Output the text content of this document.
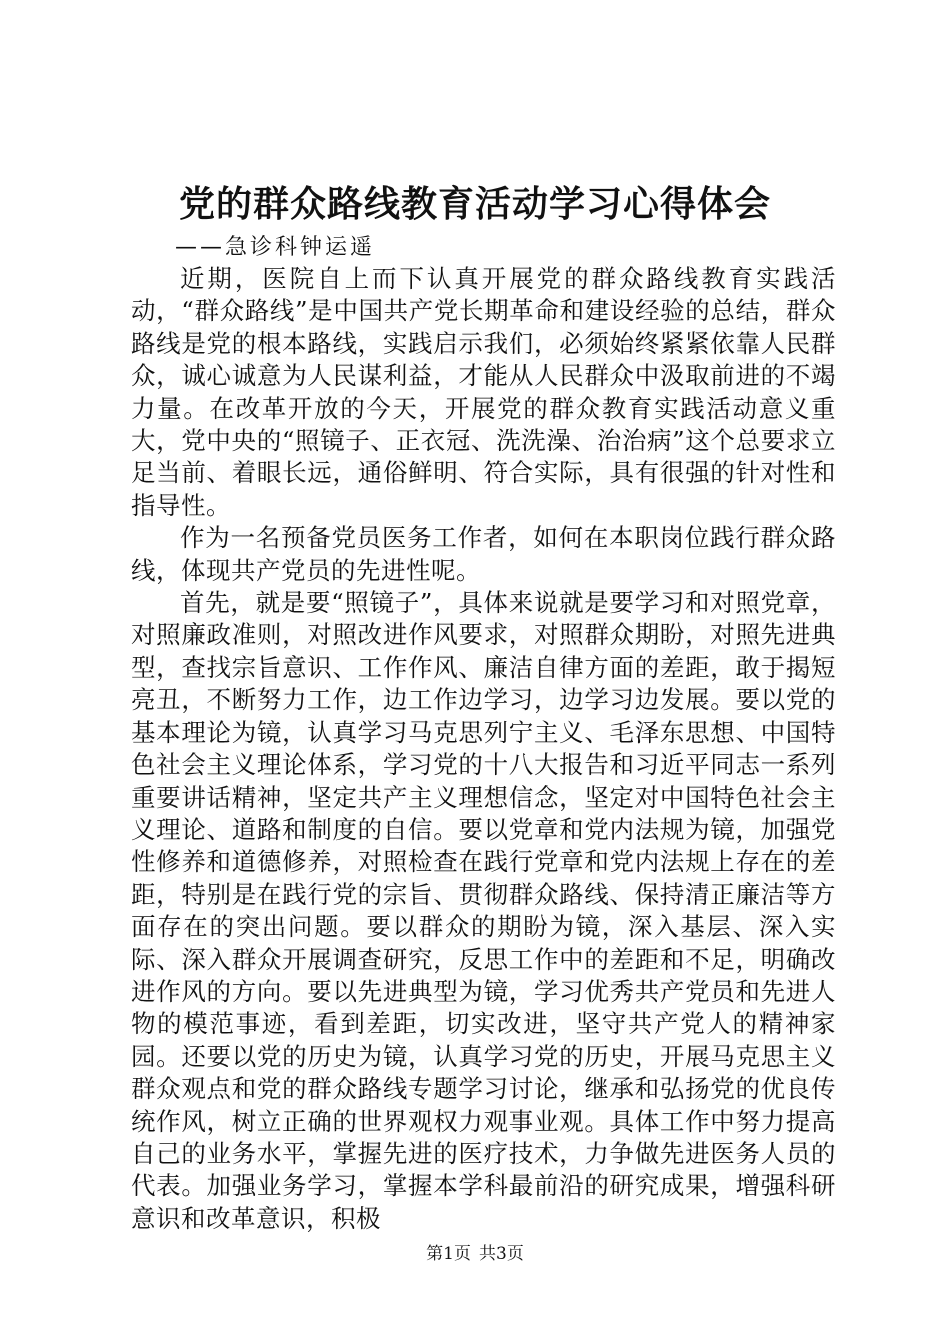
党的群众路线教育活动学习心得体会
——急诊科钟运遥

近期，医院自上而下认真开展党的群众路线教育实践活动，“群众路线”是中国共产党长期革命和建设经验的总结，群众路线是党的根本路线，实践启示我们，必须始终紧紧依靠人民群众，诚心诚意为人民谋利益，才能从人民群众中汲取前进的不竭力量。在改革开放的今天，开展党的群众教育实践活动意义重大，党中央的“照镜子、正衣冠、洗洗澡、治治病”这个总要求立足当前、着眼长远，通俗鲜明、符合实际，具有很强的针对性和指导性。

作为一名预备党员医务工作者，如何在本职岗位践行群众路线，体现共产党员的先进性呢。

首先，就是要“照镜子”，具体来说就是要学习和对照党章，对照廉政准则，对照改进作风要求，对照群众期盼，对照先进典型，查找宗旨意识、工作作风、廉洁自律方面的差距，敢于揭短亮丑，不断努力工作，边工作边学习，边学习边发展。要以党的基本理论为镜，认真学习马克思列宁主义、毛泽东思想、中国特色社会主义理论体系，学习党的十八大报告和习近平同志一系列重要讲话精神，坚定共产主义理想信念，坚定对中国特色社会主义理论、道路和制度的自信。要以党章和党内法规为镜，加强党性修养和道德修养，对照检查在践行党章和党内法规上存在的差距，特别是在践行党的宗旨、贯彻群众路线、保持清正廉洁等方面存在的突出问题。要以群众的期盼为镜，深入基层、深入实际、深入群众开展调查研究，反思工作中的差距和不足，明确改进作风的方向。要以先进典型为镜，学习优秀共产党员和先进人物的模范事迹，看到差距，切实改进，坚守共产党人的精神家园。还要以党的历史为镜，认真学习党的历史，开展马克思主义群众观点和党的群众路线专题学习讨论，继承和弘扬党的优良传统作风，树立正确的世界观权力观事业观。具体工作中努力提高自己的业务水平，掌握先进的医疗技术，力争做先进医务人员的代表。加强业务学习，掌握本学科最前沿的研究成果，增强科研意识和改革意识，积极

第1页 共3页
